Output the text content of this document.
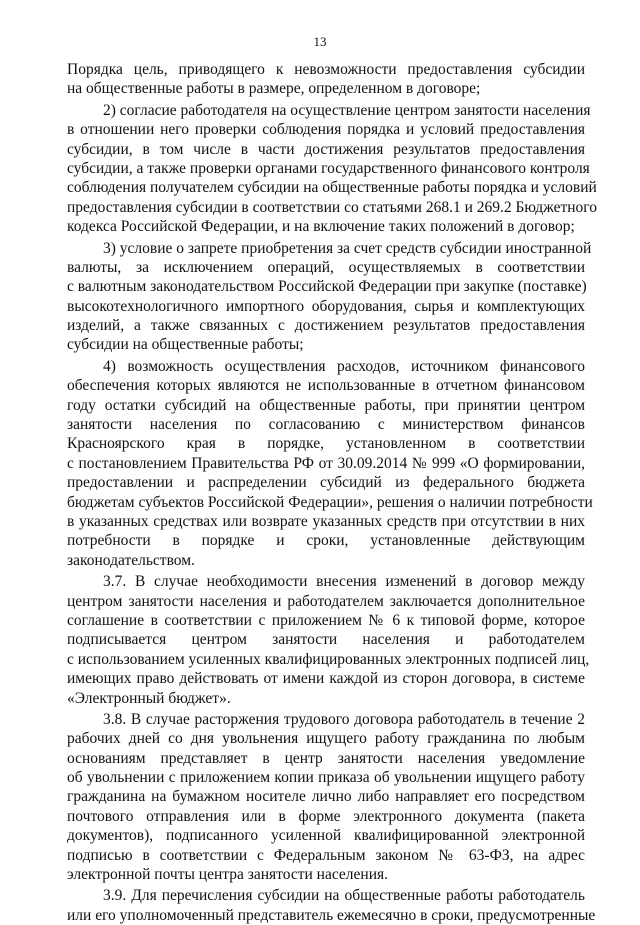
13
Порядка цель, приводящего к невозможности предоставления субсидии
на общественные работы в размере, определенном в договоре;
2) согласие работодателя на осуществление центром занятости населения
в отношении него проверки соблюдения порядка и условий предоставления
субсидии, в том числе в части достижения результатов предоставления
субсидии, а также проверки органами государственного финансового контроля
соблюдения получателем субсидии на общественные работы порядка и условий
предоставления субсидии в соответствии со статьями 268.1 и 269.2 Бюджетного
кодекса Российской Федерации, и на включение таких положений в договор;
3) условие о запрете приобретения за счет средств субсидии иностранной
валюты, за исключением операций, осуществляемых в соответствии
с валютным законодательством Российской Федерации при закупке (поставке)
высокотехнологичного импортного оборудования, сырья и комплектующих
изделий, а также связанных с достижением результатов предоставления
субсидии на общественные работы;
4) возможность осуществления расходов, источником финансового
обеспечения которых являются не использованные в отчетном финансовом
году остатки субсидий на общественные работы, при принятии центром
занятости населения по согласованию с министерством финансов
Красноярского края в порядке, установленном в соответствии
с постановлением Правительства РФ от 30.09.2014 № 999 «О формировании,
предоставлении и распределении субсидий из федерального бюджета
бюджетам субъектов Российской Федерации», решения о наличии потребности
в указанных средствах или возврате указанных средств при отсутствии в них
потребности в порядке и сроки, установленные действующим
законодательством.
3.7. В случае необходимости внесения изменений в договор между
центром занятости населения и работодателем заключается дополнительное
соглашение в соответствии с приложением № 6 к типовой форме, которое
подписывается центром занятости населения и работодателем
с использованием усиленных квалифицированных электронных подписей лиц,
имеющих право действовать от имени каждой из сторон договора, в системе
«Электронный бюджет».
3.8. В случае расторжения трудового договора работодатель в течение 2
рабочих дней со дня увольнения ищущего работу гражданина по любым
основаниям представляет в центр занятости населения уведомление
об увольнении с приложением копии приказа об увольнении ищущего работу
гражданина на бумажном носителе лично либо направляет его посредством
почтового отправления или в форме электронного документа (пакета
документов), подписанного усиленной квалифицированной электронной
подписью в соответствии с Федеральным законом № 63-ФЗ, на адрес
электронной почты центра занятости населения.
3.9. Для перечисления субсидии на общественные работы работодатель
или его уполномоченный представитель ежемесячно в сроки, предусмотренные
